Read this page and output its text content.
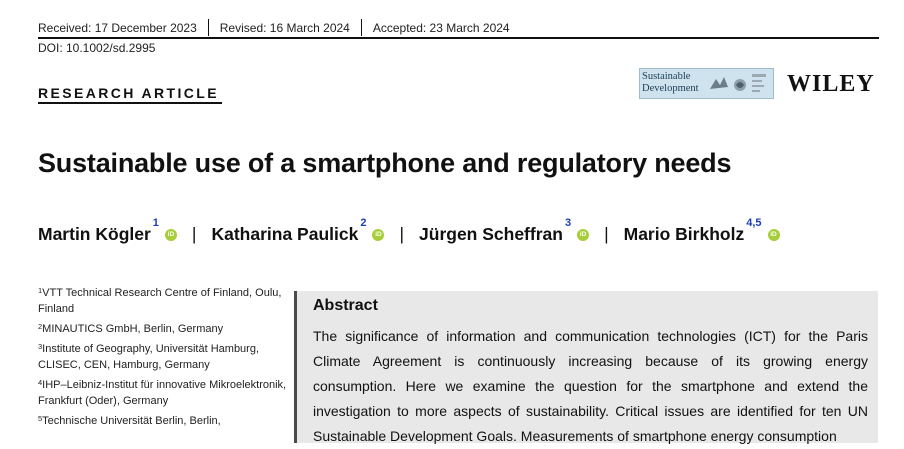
Received: 17 December 2023 Revised: 16 March 2024 Accepted: 23 March 2024
DOI: 10.1002/sd.2995
RESEARCH ARTICLE
Sustainable
Development	WILEY
Sustainable use of a smartphone and regulatory needs
Martin Kögler$^1$iD
| Katharina Paulick$^2$iD
| Jürgen Scheffran$^3$iD
| Mario Birkholz$^{4,5}$iD
$^1$VTT Technical Research Centre of Finland, Oulu, Finland
$^2$MINAUTICS GmbH, Berlin, Germany
$^3$Institute of Geography, Universität Hamburg, CLISEC, CEN, Hamburg, Germany
$^4$IHP–Leibniz-Institut für innovative Mikroelektronik, Frankfurt (Oder), Germany
$^5$Technische Universität Berlin, Berlin,
Abstract
The significance of information and communication technologies (ICT) for the Paris Climate Agreement is continuously increasing because of its growing energy consumption. Here we examine the question for the smartphone and extend the investigation to more aspects of sustainability. Critical issues are identified for ten UN Sustainable Development Goals. Measurements of smartphone energy consumption
